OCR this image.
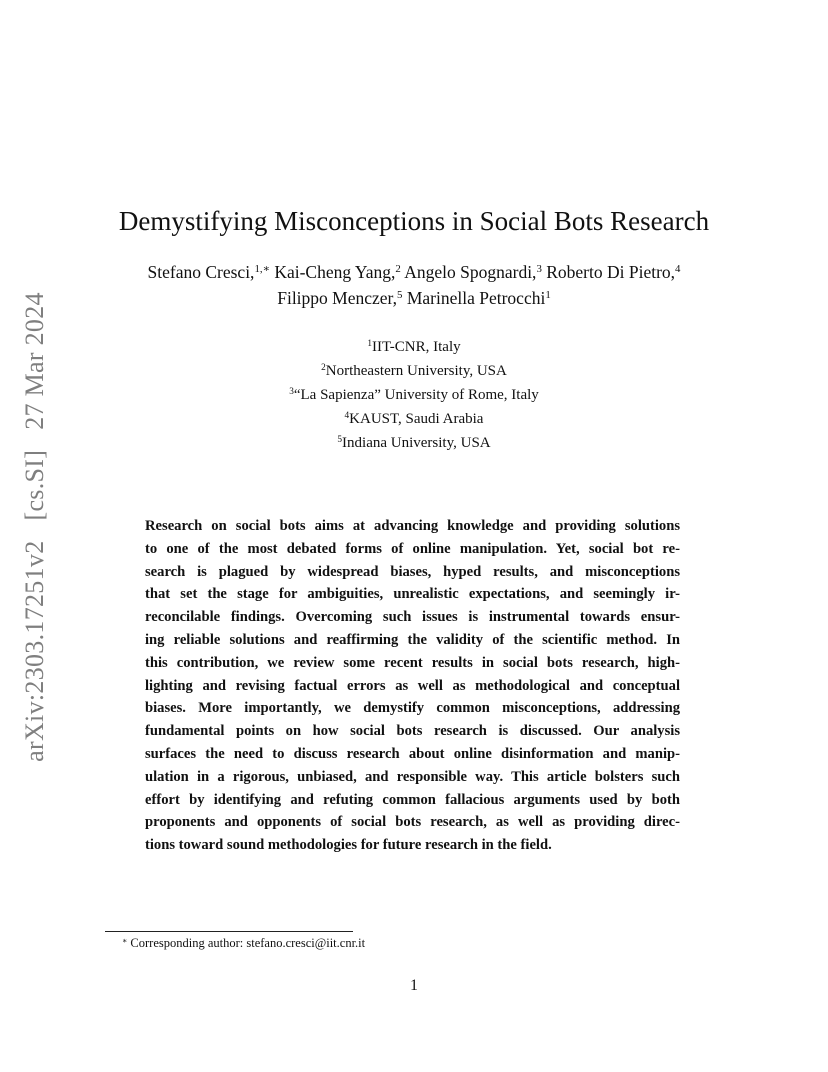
arXiv:2303.17251v2[cs.SI]27 Mar 2024
Demystifying Misconceptions in Social Bots Research
Stefano Cresci,$^{1,∗}$ Kai-Cheng Yang,$^2$ Angelo Spognardi,$^3$ Roberto Di Pietro,$^4$
Filippo Menczer,$^5$ Marinella Petrocchi$^1$
$^1$IIT-CNR, Italy
$^2$Northeastern University, USA
$^3$“La Sapienza” University of Rome, Italy
$^4$KAUST, Saudi Arabia
$^5$Indiana University, USA
Research on social bots aims at advancing knowledge and providing solutions
to one of the most debated forms of online manipulation. Yet, social bot re-
search is plagued by widespread biases, hyped results, and misconceptions
that set the stage for ambiguities, unrealistic expectations, and seemingly ir-
reconcilable findings. Overcoming such issues is instrumental towards ensur-
ing reliable solutions and reaffirming the validity of the scientific method. In
this contribution, we review some recent results in social bots research, high-
lighting and revising factual errors as well as methodological and conceptual
biases. More importantly, we demystify common misconceptions, addressing
fundamental points on how social bots research is discussed. Our analysis
surfaces the need to discuss research about online disinformation and manip-
ulation in a rigorous, unbiased, and responsible way. This article bolsters such
effort by identifying and refuting common fallacious arguments used by both
proponents and opponents of social bots research, as well as providing direc-
tions toward sound methodologies for future research in the field.
∗ Corresponding author: stefano.cresci@iit.cnr.it
1
